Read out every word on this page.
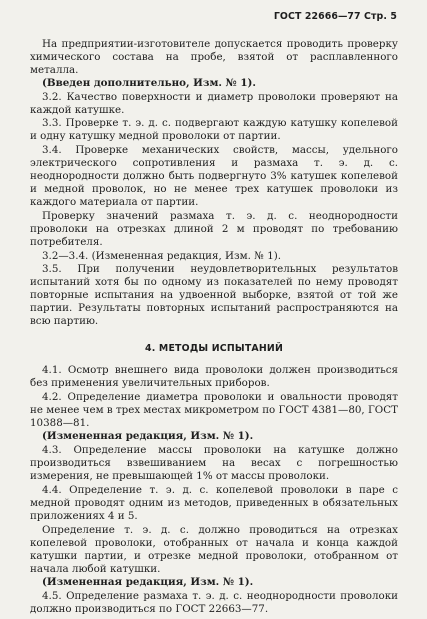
ГОСТ 22666—77 Стр. 5

На предприятии-изготовителе допускается проводить проверку химического состава на пробе, взятой от расплавленного металла.

(Введен дополнительно, Изм. № 1).

3.2. Качество поверхности и диаметр проволоки проверяют на каждой катушке.

3.3. Проверке т. э. д. с. подвергают каждую катушку копелевой и одну катушку медной проволоки от партии.

3.4. Проверке механических свойств, массы, удельного электрического сопротивления и размаха т. э. д. с. неоднородности должно быть подвергнуто 3% катушек копелевой и медной проволок, но не менее трех катушек проволоки из каждого материала от партии.

Проверку значений размаха т. э. д. с. неоднородности проволоки на отрезках длиной 2 м проводят по требованию потребителя.

3.2—3.4. (Измененная редакция, Изм. № 1).

3.5. При получении неудовлетворительных результатов испытаний хотя бы по одному из показателей по нему проводят повторные испытания на удвоенной выборке, взятой от той же партии. Результаты повторных испытаний распространяются на всю партию.

4. МЕТОДЫ ИСПЫТАНИЙ

4.1. Осмотр внешнего вида проволоки должен производиться без применения увеличительных приборов.

4.2. Определение диаметра проволоки и овальности проводят не менее чем в трех местах микрометром по ГОСТ 4381—80, ГОСТ 10388—81.

(Измененная редакция, Изм. № 1).

4.3. Определение массы проволоки на катушке должно производиться взвешиванием на весах с погрешностью измерения, не превышающей 1% от массы проволоки.

4.4. Определение т. э. д. с. копелевой проволоки в паре с медной проводят одним из методов, приведенных в обязательных приложениях 4 и 5.

Определение т. э. д. с. должно проводиться на отрезках копелевой проволоки, отобранных от начала и конца каждой катушки партии, и отрезке медной проволоки, отобранном от начала любой катушки.

(Измененная редакция, Изм. № 1).

4.5. Определение размаха т. э. д. с. неоднородности проволоки должно производиться по ГОСТ 22663—77.
